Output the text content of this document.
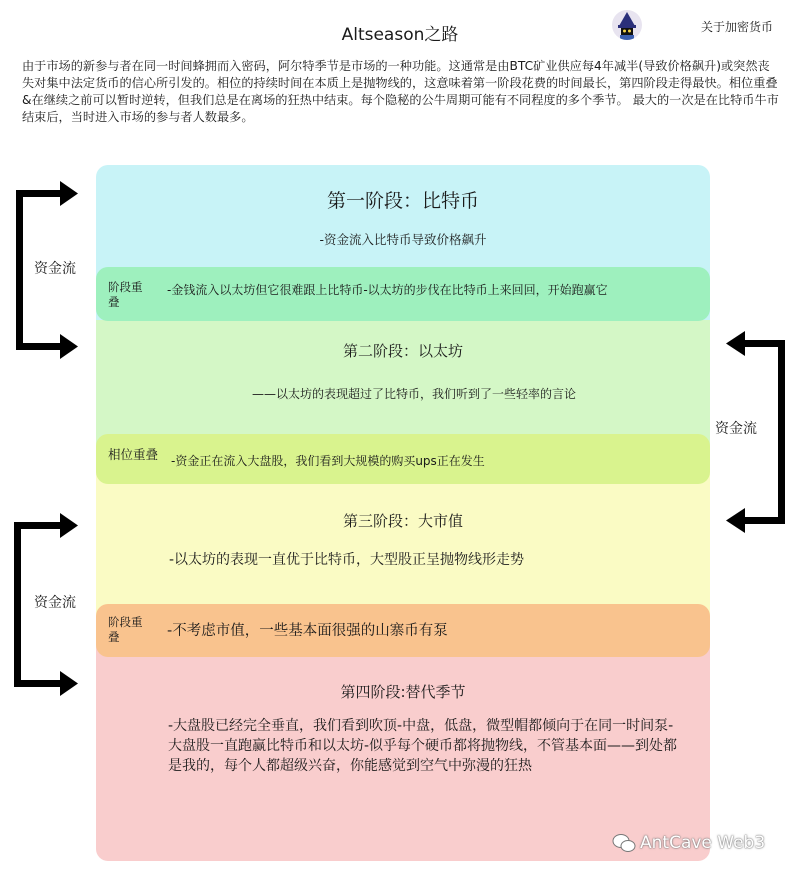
Altseason之路	关于加密货币
由于市场的新参与者在同一时间蜂拥而入密码，阿尔特季节是市场的一种功能。这通常是由BTC矿业供应每4年减半(导致价格飙升)或突然丧失对集中法定货币的信心所引发的。相位的持续时间在本质上是抛物线的，这意味着第一阶段花费的时间最长，第四阶段走得最快。相位重叠&在继续之前可以暂时逆转，但我们总是在离场的狂热中结束。每个隐秘的公牛周期可能有不同程度的多个季节。 最大的一次是在比特币牛市结束后，当时进入市场的参与者人数最多。
第一阶段：比特币
-资金流入比特币导致价格飙升
阶段重叠
-金钱流入以太坊但它很难跟上比特币-以太坊的步伐在比特币上来回回，开始跑赢它
第二阶段：以太坊
——以太坊的表现超过了比特币，我们听到了一些轻率的言论
相位重叠	-资金正在流入大盘股，我们看到大规模的购买ups正在发生
第三阶段：大市值
-以太坊的表现一直优于比特币，大型股正呈抛物线形走势
阶段重叠	-不考虑市值，一些基本面很强的山寨币有泵
第四阶段:替代季节
-大盘股已经完全垂直，我们看到吹顶-中盘，低盘，微型帽都倾向于在同一时间泵-大盘股一直跑赢比特币和以太坊-似乎每个硬币都将抛物线，不管基本面——到处都是我的，每个人都超级兴奋，你能感觉到空气中弥漫的狂热
资金流
资金流
资金流
AntCave Web3
